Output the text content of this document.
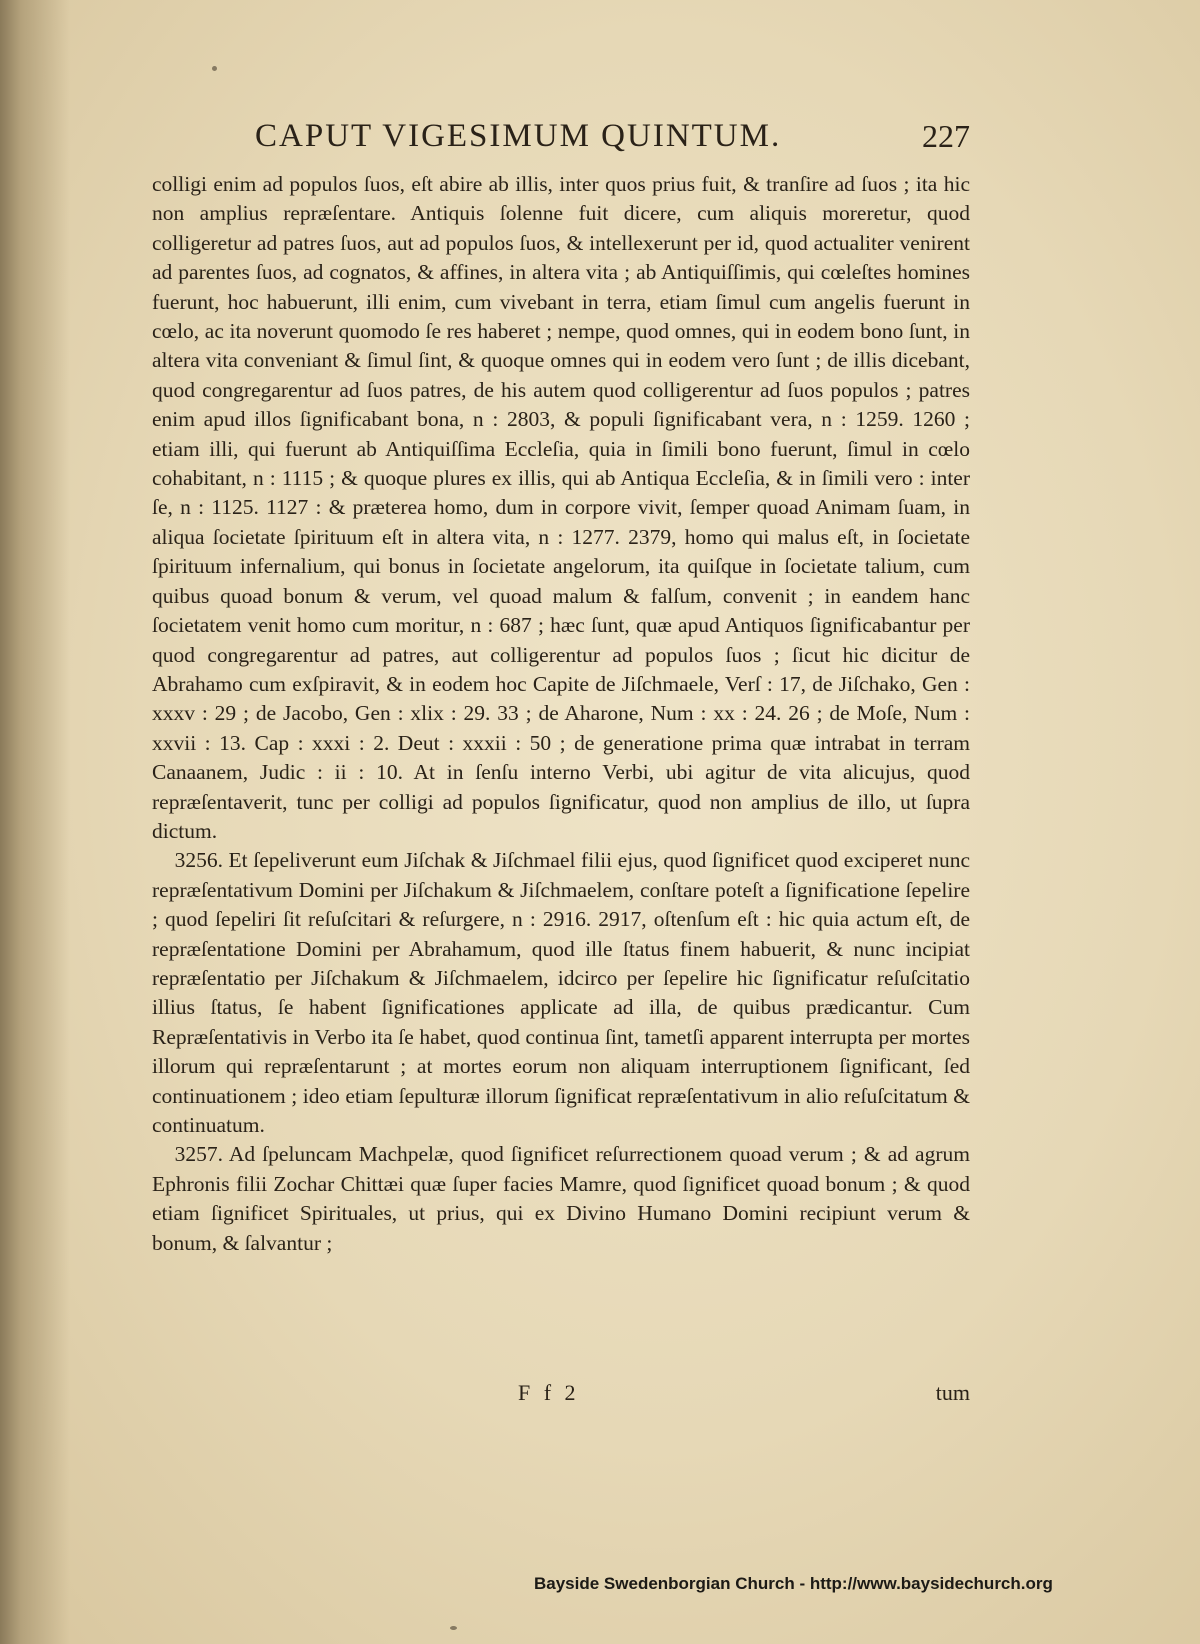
CAPUT VIGESIMUM QUINTUM.	227

colligi enim ad populos ſuos, eſt abire ab illis, inter quos prius fuit, & tranſire ad ſuos ; ita hic non amplius repræſentare. Antiquis ſolenne fuit dicere, cum aliquis moreretur, quod colligeretur ad patres ſuos, aut ad populos ſuos, & intellexerunt per id, quod actualiter venirent ad parentes ſuos, ad cognatos, & affines, in altera vita ; ab Antiquiſſimis, qui cœleſtes homines fuerunt, hoc habuerunt, illi enim, cum vivebant in terra, etiam ſimul cum angelis fuerunt in cœlo, ac ita noverunt quomodo ſe res haberet ; nempe, quod omnes, qui in eodem bono ſunt, in altera vita conveniant & ſimul ſint, & quoque omnes qui in eodem vero ſunt ; de illis dicebant, quod congregarentur ad ſuos patres, de his autem quod colligerentur ad ſuos populos ; patres enim apud illos ſignificabant bona, n : 2803, & populi ſignificabant vera, n : 1259. 1260 ; etiam illi, qui fuerunt ab Antiquiſſima Eccleſia, quia in ſimili bono fuerunt, ſimul in cœlo cohabitant, n : 1115 ; & quoque plures ex illis, qui ab Antiqua Eccleſia, & in ſimili vero : inter ſe, n : 1125. 1127 : & præterea homo, dum in corpore vivit, ſemper quoad Animam ſuam, in aliqua ſocietate ſpirituum eſt in altera vita, n : 1277. 2379, homo qui malus eſt, in ſocietate ſpirituum infernalium, qui bonus in ſocietate angelorum, ita quiſque in ſocietate talium, cum quibus quoad bonum & verum, vel quoad malum & falſum, convenit ; in eandem hanc ſocietatem venit homo cum moritur, n : 687 ; hæc ſunt, quæ apud Antiquos ſignificabantur per quod congregarentur ad patres, aut colligerentur ad populos ſuos ; ſicut hic dicitur de Abrahamo cum exſpiravit, & in eodem hoc Capite de Jiſchmaele, Verſ : 17, de Jiſchako, Gen : xxxv : 29 ; de Jacobo, Gen : xlix : 29. 33 ; de Aharone, Num : xx : 24. 26 ; de Moſe, Num : xxvii : 13. Cap : xxxi : 2. Deut : xxxii : 50 ; de generatione prima quæ intrabat in terram Canaanem, Judic : ii : 10. At in ſenſu interno Verbi, ubi agitur de vita alicujus, quod repræſentaverit, tunc per colligi ad populos ſignificatur, quod non amplius de illo, ut ſupra dictum.

3256. Et ſepeliverunt eum Jiſchak & Jiſchmael filii ejus, quod ſignificet quod exciperet nunc repræſentativum Domini per Jiſchakum & Jiſchmaelem, conſtare poteſt a ſignificatione ſepelire ; quod ſepeliri ſit reſuſcitari & reſurgere, n : 2916. 2917, oſtenſum eſt : hic quia actum eſt, de repræſentatione Domini per Abrahamum, quod ille ſtatus finem habuerit, & nunc incipiat repræſentatio per Jiſchakum & Jiſchmaelem, idcirco per ſepelire hic ſignificatur reſuſcitatio illius ſtatus, ſe habent ſignificationes applicate ad illa, de quibus prædicantur. Cum Repræſentativis in Verbo ita ſe habet, quod continua ſint, tametſi apparent interrupta per mortes illorum qui repræſentarunt ; at mortes eorum non aliquam interruptionem ſignificant, ſed continuationem ; ideo etiam ſepulturæ illorum ſignificat repræſentativum in alio reſuſcitatum & continuatum.

3257. Ad ſpeluncam Machpelæ, quod ſignificet reſurrectionem quoad verum ; & ad agrum Ephronis filii Zochar Chittæi quæ ſuper facies Mamre, quod ſignificet quoad bonum ; & quod etiam ſignificet Spirituales, ut prius, qui ex Divino Humano Domini recipiunt verum & bonum, & ſalvantur ;

F f 2	tum
Bayside Swedenborgian Church - http://www.baysidechurch.org
